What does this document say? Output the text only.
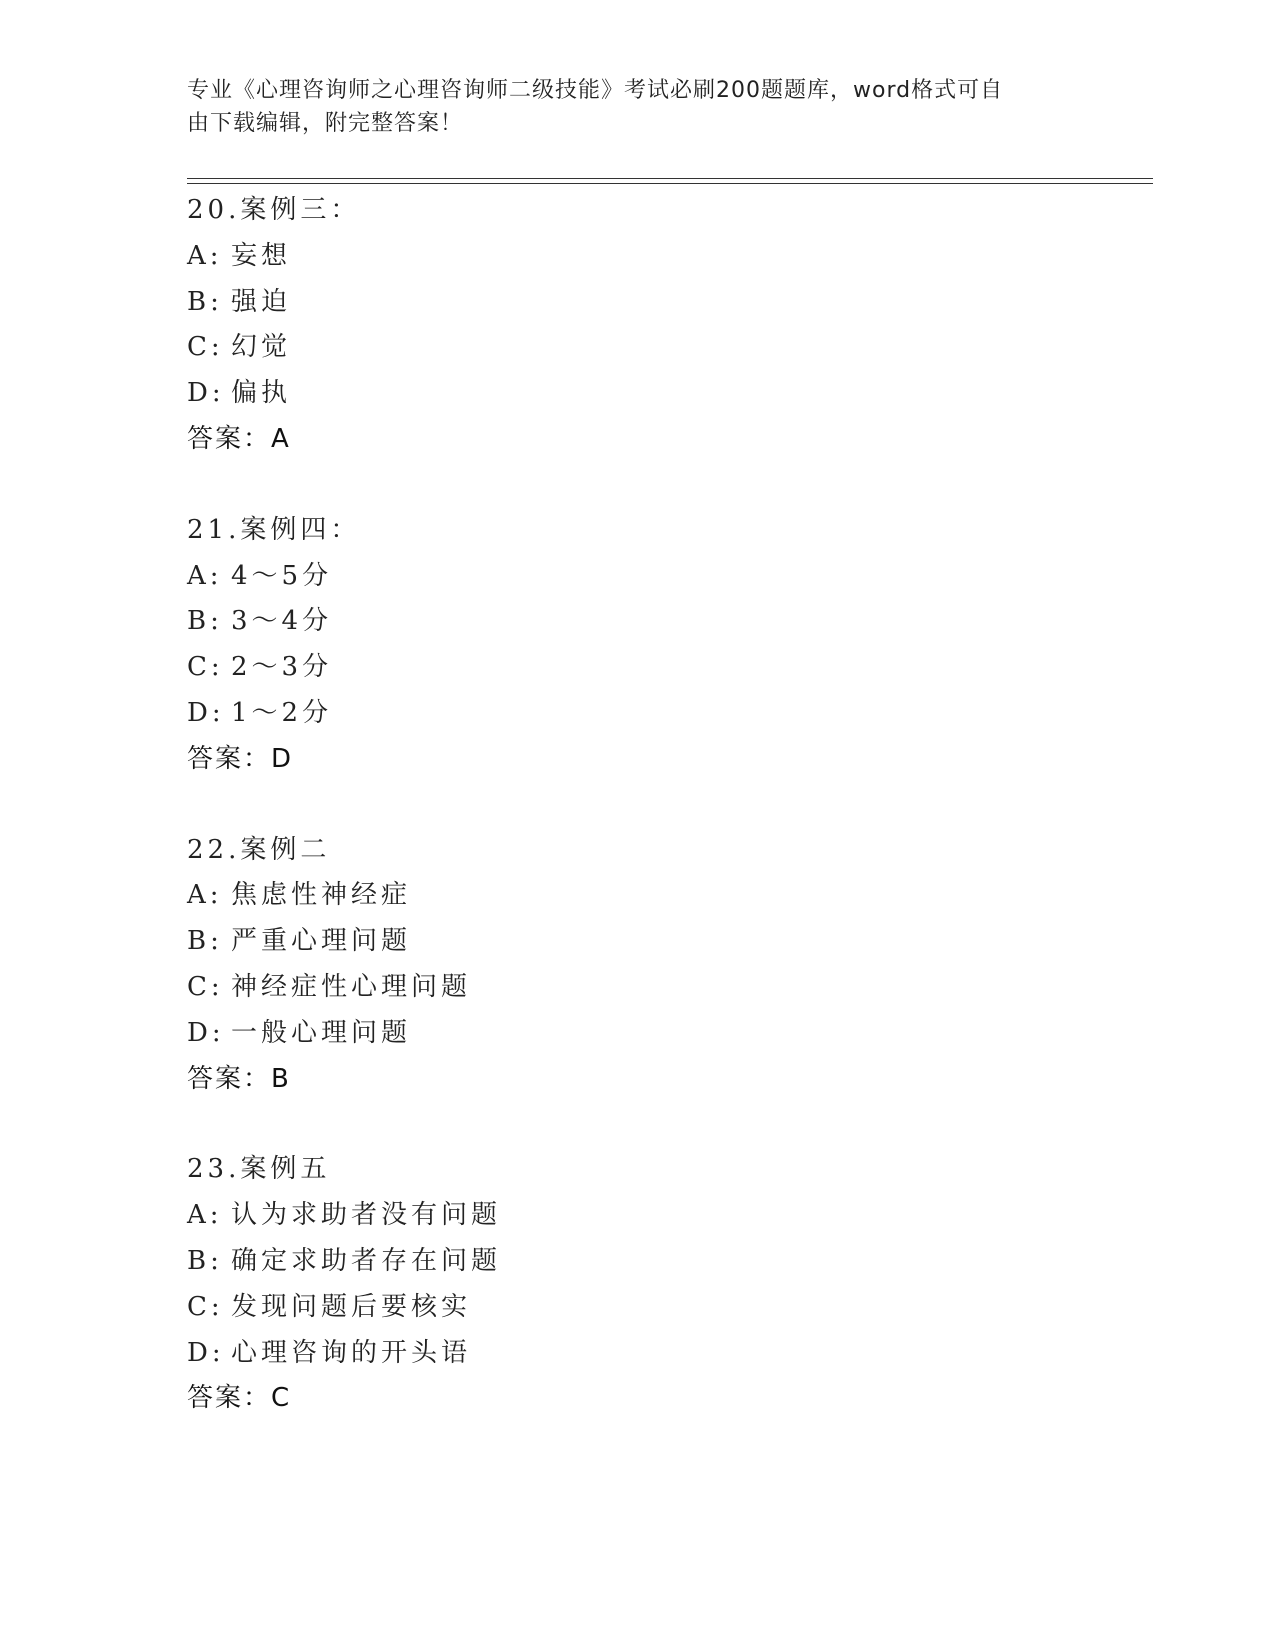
专业《心理咨询师之心理咨询师二级技能》考试必刷200题题库，word格式可自
由下载编辑，附完整答案！
20.案例三：
A: 妄想
B: 强迫
C: 幻觉
D: 偏执
答案：A
21.案例四：
A: 4～5分
B: 3～4分
C: 2～3分
D: 1～2分
答案：D
22.案例二
A: 焦虑性神经症
B: 严重心理问题
C: 神经症性心理问题
D: 一般心理问题
答案：B
23.案例五
A: 认为求助者没有问题
B: 确定求助者存在问题
C: 发现问题后要核实
D: 心理咨询的开头语
答案：C
